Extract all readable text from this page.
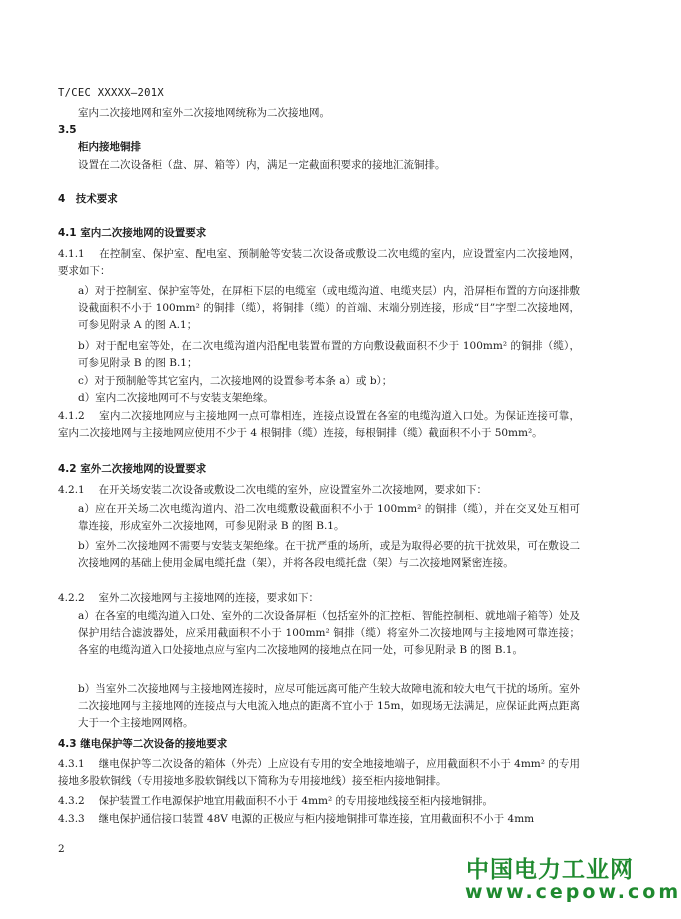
T/CEC XXXXX—201X

室内二次接地网和室外二次接地网统称为二次接地网。

3.5
柜内接地铜排

设置在二次设备柜（盘、屏、箱等）内，满足一定截面积要求的接地汇流铜排。

4　技术要求
4.1 室内二次接地网的设置要求

4.1.1　 在控制室、保护室、配电室、预制舱等安装二次设备或敷设二次电缆的室内，应设置室内二次接地网，要求如下：

a）对于控制室、保护室等处，在屏柜下层的电缆室（或电缆沟道、电缆夹层）内，沿屏柜布置的方向逐排敷设截面积不小于 100mm² 的铜排（缆），将铜排（缆）的首端、末端分别连接，形成“目”字型二次接地网，可参见附录 A 的图 A.1；

b）对于配电室等处，在二次电缆沟道内沿配电装置布置的方向敷设截面积不少于 100mm² 的铜排（缆），可参见附录 B 的图 B.1；

c）对于预制舱等其它室内，二次接地网的设置参考本条 a）或 b）；

d）室内二次接地网可不与安装支架绝缘。

4.1.2　 室内二次接地网应与主接地网一点可靠相连，连接点设置在各室的电缆沟道入口处。为保证连接可靠，室内二次接地网与主接地网应使用不少于 4 根铜排（缆）连接，每根铜排（缆）截面积不小于 50mm²。

4.2 室外二次接地网的设置要求

4.2.1　 在开关场安装二次设备或敷设二次电缆的室外，应设置室外二次接地网，要求如下：

a）应在开关场二次电缆沟道内、沿二次电缆敷设截面积不小于 100mm² 的铜排（缆），并在交叉处互相可靠连接，形成室外二次接地网，可参见附录 B 的图 B.1。

b）室外二次接地网不需要与安装支架绝缘。在干扰严重的场所，或是为取得必要的抗干扰效果，可在敷设二次接地网的基础上使用金属电缆托盘（架），并将各段电缆托盘（架）与二次接地网紧密连接。

4.2.2　 室外二次接地网与主接地网的连接，要求如下：

a）在各室的电缆沟道入口处、室外的二次设备屏柜（包括室外的汇控柜、智能控制柜、就地端子箱等）处及保护用结合滤波器处，应采用截面积不小于 100mm² 铜排（缆）将室外二次接地网与主接地网可靠连接；各室的电缆沟道入口处接地点应与室内二次接地网的接地点在同一处，可参见附录 B 的图 B.1。

b）当室外二次接地网与主接地网连接时，应尽可能远离可能产生较大故障电流和较大电气干扰的场所。室外二次接地网与主接地网的连接点与大电流入地点的距离不宜小于 15m，如现场无法满足，应保证此两点距离大于一个主接地网网格。

4.3 继电保护等二次设备的接地要求

4.3.1　 继电保护等二次设备的箱体（外壳）上应设有专用的安全地接地端子，应用截面积不小于 4mm² 的专用接地多股软铜线（专用接地多股软铜线以下简称为专用接地线）接至柜内接地铜排。

4.3.2　 保护装置工作电源保护地宜用截面积不小于 4mm² 的专用接地线接至柜内接地铜排。

4.3.3　 继电保护通信接口装置 48V 电源的正极应与柜内接地铜排可靠连接，宜用截面积不小于 4mm

2
中国电力工业网
www.cepow.com
